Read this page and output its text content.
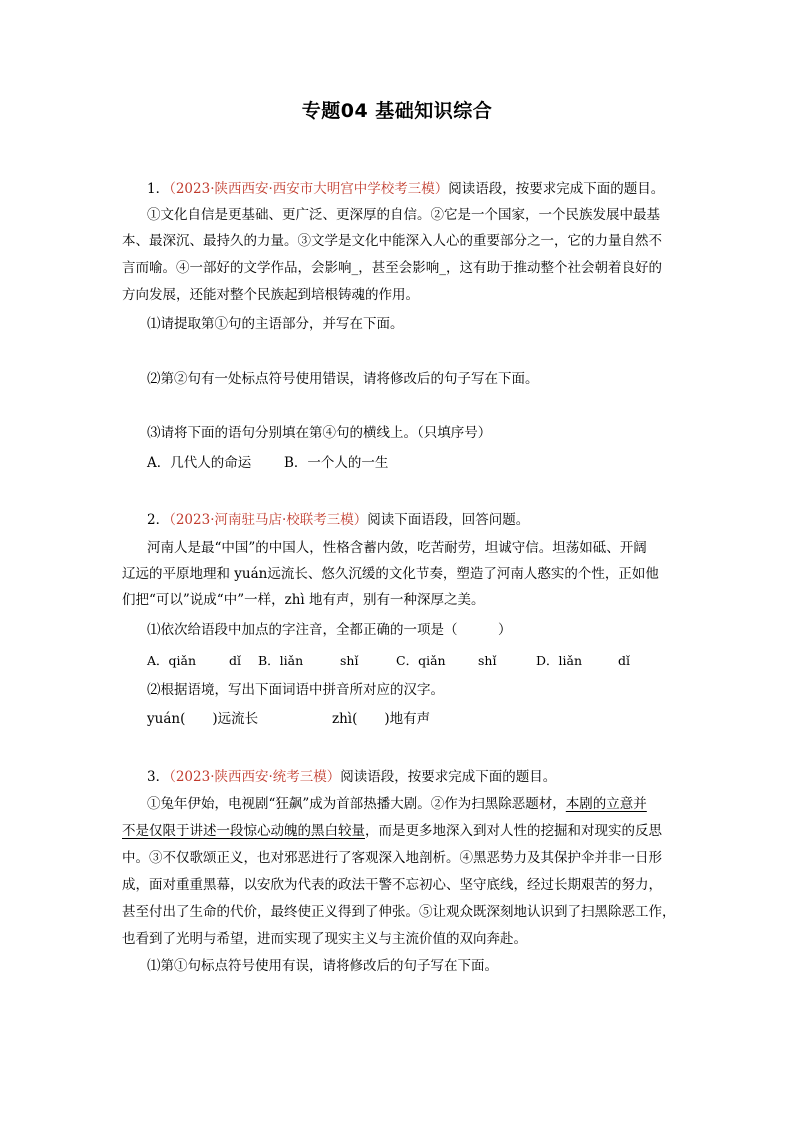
专题04 基础知识综合
1．（2023·陕西西安·西安市大明宫中学校考三模）阅读语段，按要求完成下面的题目。
①文化自信是更基础、更广泛、更深厚的自信。②它是一个国家，一个民族发展中最基
本、最深沉、最持久的力量。③文学是文化中能深入人心的重要部分之一，它的力量自然不
言而喻。④一部好的文学作品，会影响_，甚至会影响_，这有助于推动整个社会朝着良好的
方向发展，还能对整个民族起到培根铸魂的作用。
⑴请提取第①句的主语部分，并写在下面。
⑵第②句有一处标点符号使用错误，请将修改后的句子写在下面。
⑶请将下面的语句分别填在第④句的横线上。（只填序号）
A．几代人的命运 B．一个人的一生
2．（2023·河南驻马店·校联考三模）阅读下面语段，回答问题。
河南人是最“中国”的中国人，性格含蓄内敛，吃苦耐劳，坦诚守信。坦荡如砥、开阔
辽远的平原地理和 yuán远流长、悠久沉缓的文化节奏，塑造了河南人憨实的个性，正如他
们把“可以”说成“中”一样，zhì 地有声，别有一种深厚之美。
⑴依次给语段中加点的字注音，全都正确的一项是（　　　）
A．qiǎn	dǐ B．liǎn	shǐ	C．qiǎn	shǐ	D．liǎn	dǐ
⑵根据语境，写出下面词语中拼音所对应的汉字。
yuán(　　)远流长	zhì(　　)地有声
3．（2023·陕西西安·统考三模）阅读语段，按要求完成下面的题目。
①兔年伊始，电视剧“狂飙”成为首部热播大剧。②作为扫黑除恶题材，本剧的立意并
不是仅限于讲述一段惊心动魄的黑白较量，而是更多地深入到对人性的挖掘和对现实的反思
中。③不仅歌颂正义，也对邪恶进行了客观深入地剖析。④黑恶势力及其保护伞并非一日形
成，面对重重黑幕，以安欣为代表的政法干警不忘初心、坚守底线，经过长期艰苦的努力，
甚至付出了生命的代价，最终使正义得到了伸张。⑤让观众既深刻地认识到了扫黑除恶工作，
也看到了光明与希望，进而实现了现实主义与主流价值的双向奔赴。
⑴第①句标点符号使用有误，请将修改后的句子写在下面。
